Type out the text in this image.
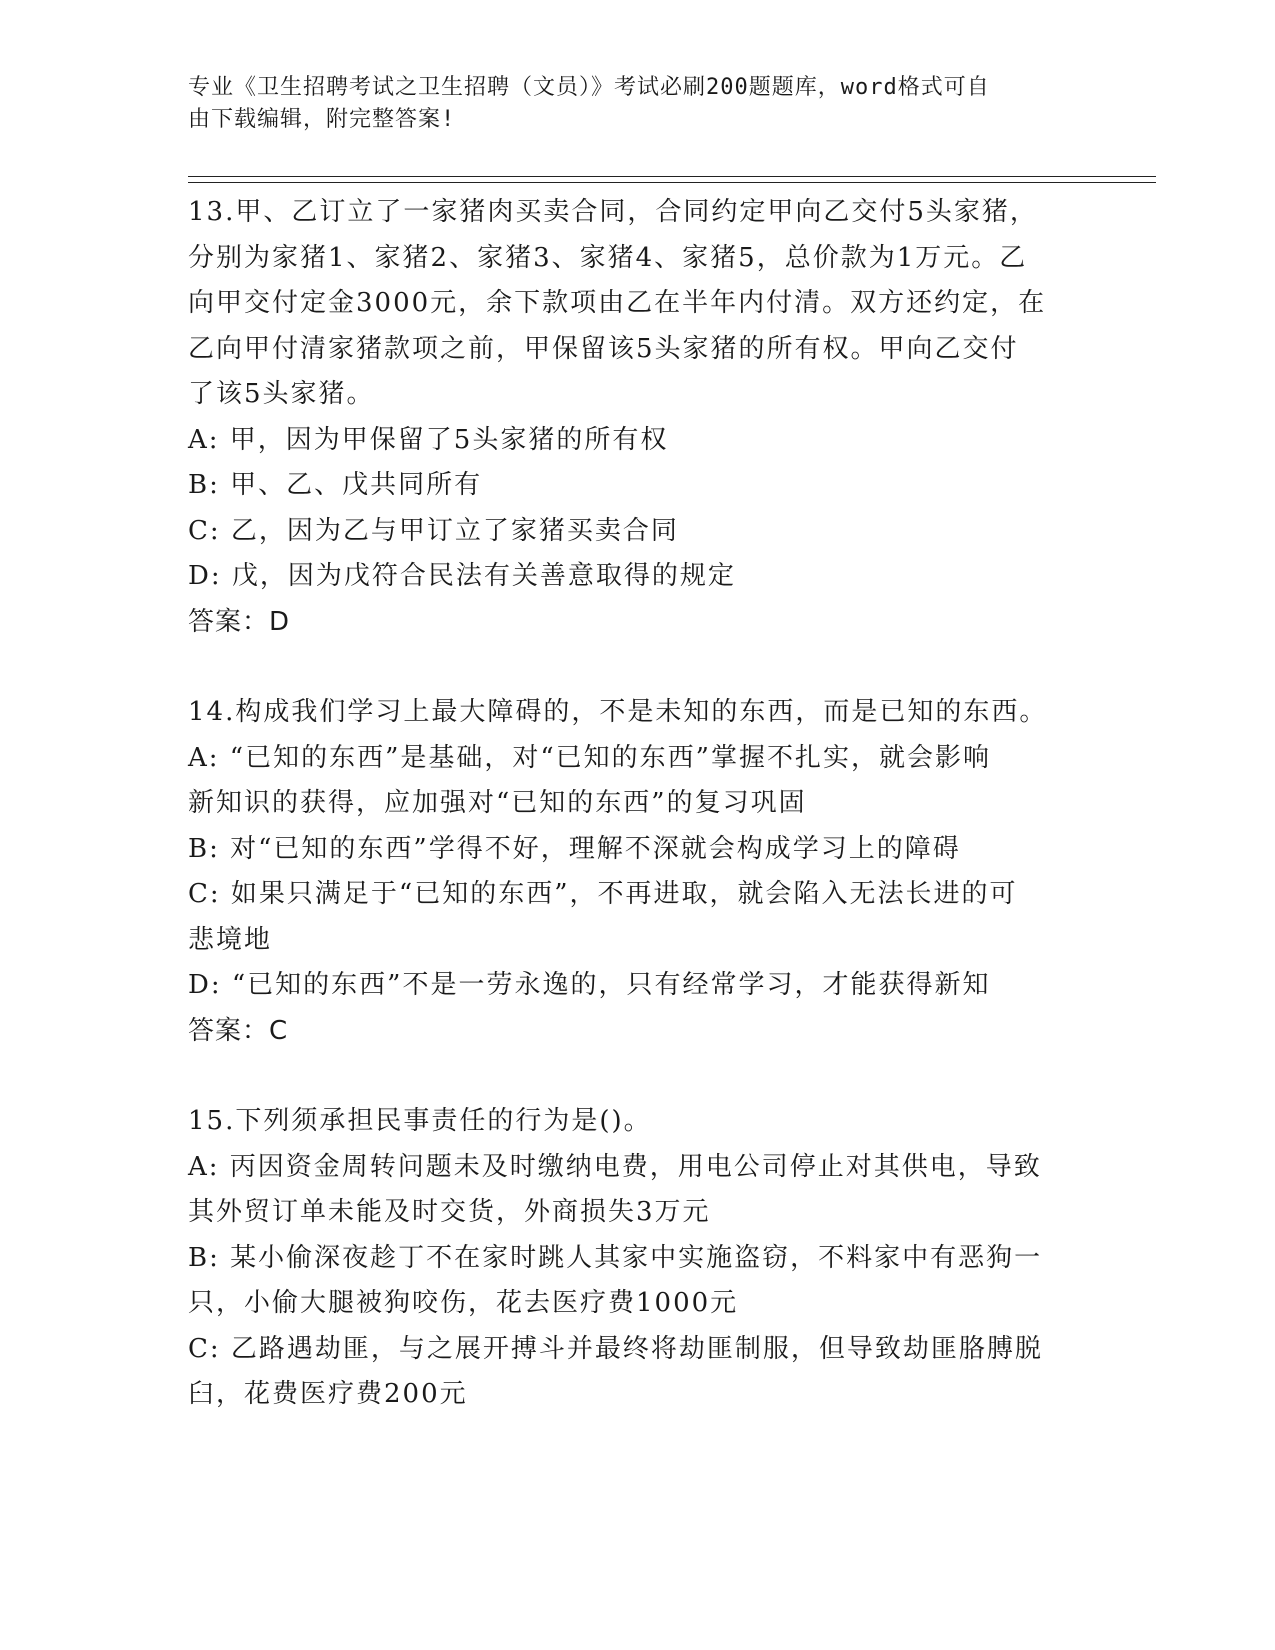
专业《卫生招聘考试之卫生招聘（文员）》考试必刷200题题库，word格式可自
由下载编辑，附完整答案!

13.甲、乙订立了一家猪肉买卖合同，合同约定甲向乙交付5头家猪，

分别为家猪1、家猪2、家猪3、家猪4、家猪5，总价款为1万元。乙

向甲交付定金3000元，余下款项由乙在半年内付清。双方还约定，在

乙向甲付清家猪款项之前，甲保留该5头家猪的所有权。甲向乙交付

了该5头家猪。

A: 甲，因为甲保留了5头家猪的所有权

B: 甲、乙、戊共同所有

C: 乙，因为乙与甲订立了家猪买卖合同

D: 戊，因为戊符合民法有关善意取得的规定

答案：D

14.构成我们学习上最大障碍的，不是未知的东西，而是已知的东西。

A: “已知的东西”是基础，对“已知的东西”掌握不扎实，就会影响

新知识的获得，应加强对“已知的东西”的复习巩固

B: 对“已知的东西”学得不好，理解不深就会构成学习上的障碍

C: 如果只满足于“已知的东西”，不再进取，就会陷入无法长进的可

悲境地

D: “已知的东西”不是一劳永逸的，只有经常学习，才能获得新知

答案：C

15.下列须承担民事责任的行为是()。

A: 丙因资金周转问题未及时缴纳电费，用电公司停止对其供电，导致

其外贸订单未能及时交货，外商损失3万元

B: 某小偷深夜趁丁不在家时跳人其家中实施盗窃，不料家中有恶狗一

只，小偷大腿被狗咬伤，花去医疗费1000元

C: 乙路遇劫匪，与之展开搏斗并最终将劫匪制服，但导致劫匪胳膊脱

臼，花费医疗费200元
